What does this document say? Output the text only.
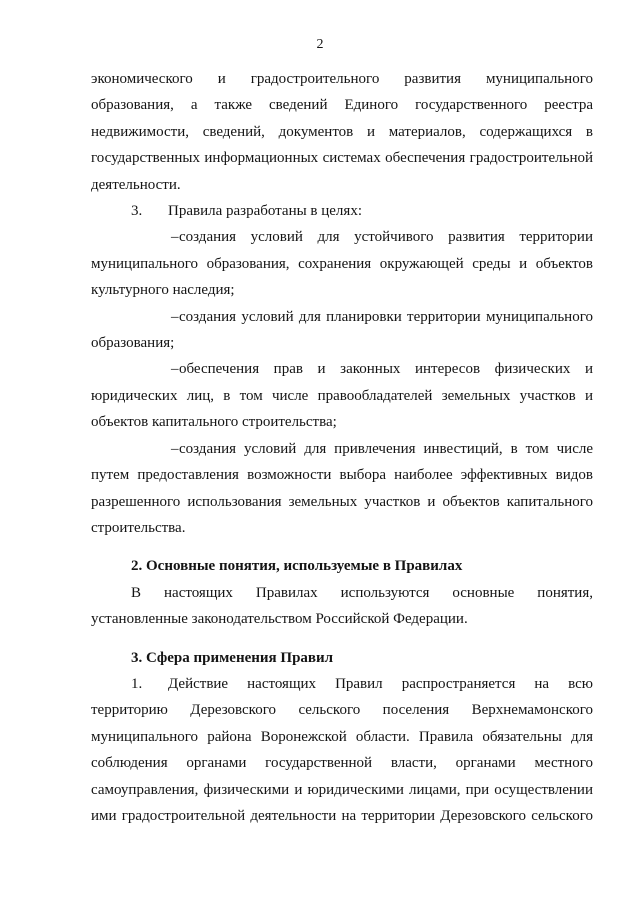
2

экономического и градостроительного развития муниципального

образования, а также сведений Единого государственного реестра

недвижимости, сведений, документов и материалов, содержащихся в

государственных информационных системах обеспечения градостроительной

деятельности.

3. Правила разработаны в целях:

–создания условий для устойчивого развития территории

муниципального образования, сохранения окружающей среды и объектов

культурного наследия;

–создания условий для планировки территории муниципального

образования;

–обеспечения прав и законных интересов физических и

юридических лиц, в том числе правообладателей земельных участков и

объектов капитального строительства;

–создания условий для привлечения инвестиций, в том числе

путем предоставления возможности выбора наиболее эффективных видов

разрешенного использования земельных участков и объектов капитального

строительства.

2. Основные понятия, используемые в Правилах

В настоящих Правилах используются основные понятия,

установленные законодательством Российской Федерации.

3. Сфера применения Правил

1. Действие настоящих Правил распространяется на всю

территорию Дерезовского сельского поселения Верхнемамонского

муниципального района Воронежской области. Правила обязательны для

соблюдения органами государственной власти, органами местного

самоуправления, физическими и юридическими лицами, при осуществлении

ими градостроительной деятельности на территории Дерезовского сельского
